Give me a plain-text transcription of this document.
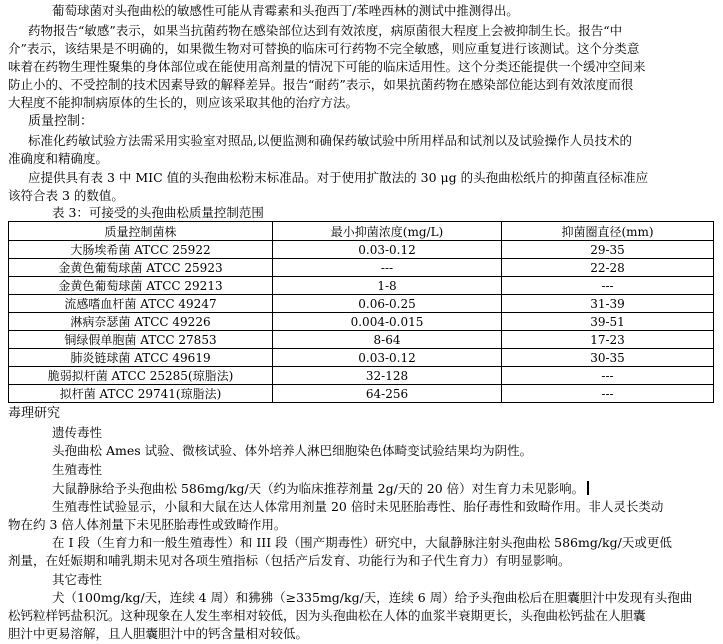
葡萄球菌对头孢曲松的敏感性可能从青霉素和头孢西丁/苯唑西林的测试中推测得出。
药物报告“敏感”表示，如果当抗菌药物在感染部位达到有效浓度，病原菌很大程度上会被抑制生长。报告“中
介”表示，该结果是不明确的，如果微生物对可替换的临床可行药物不完全敏感，则应重复进行该测试。这个分类意
味着在药物生理性聚集的身体部位或在能使用高剂量的情况下可能的临床适用性。这个分类还能提供一个缓冲空间来
防止小的、不受控制的技术因素导致的解释差异。报告“耐药”表示，如果抗菌药物在感染部位能达到有效浓度而很
大程度不能抑制病原体的生长的，则应该采取其他的治疗方法。
质量控制：
标准化药敏试验方法需采用实验室对照品,以便监测和确保药敏试验中所用样品和试剂以及试验操作人员技术的
准确度和精确度。
应提供具有表 3 中 MIC 值的头孢曲松粉末标准品。对于使用扩散法的 30 μg 的头孢曲松纸片的抑菌直径标准应
该符合表 3 的数值。
表 3：可接受的头孢曲松质量控制范围
质量控制菌株	最小抑菌浓度(mg/L)	抑菌圈直径(mm)
大肠埃希菌 ATCC 25922	0.03-0.12	29-35
金黄色葡萄球菌 ATCC 25923	---	22-28
金黄色葡萄球菌 ATCC 29213	1-8	---
流感嗜血杆菌 ATCC 49247	0.06-0.25	31-39
淋病奈瑟菌 ATCC 49226	0.004-0.015	39-51
铜绿假单胞菌 ATCC 27853	8-64	17-23
肺炎链球菌 ATCC 49619	0.03-0.12	30-35
脆弱拟杆菌 ATCC 25285(琼脂法)	32-128	---
拟杆菌 ATCC 29741(琼脂法)	64-256	---
毒理研究
遗传毒性
头孢曲松 Ames 试验、微核试验、体外培养人淋巴细胞染色体畸变试验结果均为阴性。
生殖毒性
大鼠静脉给予头孢曲松 586mg/kg/天（约为临床推荐剂量 2g/天的 20 倍）对生育力未见影响。
生殖毒性试验显示，小鼠和大鼠在达人体常用剂量 20 倍时未见胚胎毒性、胎仔毒性和致畸作用。非人灵长类动
物在约 3 倍人体剂量下未见胚胎毒性或致畸作用。
在 I 段（生育力和一般生殖毒性）和 III 段（围产期毒性）研究中，大鼠静脉注射头孢曲松 586mg/kg/天或更低
剂量，在妊娠期和哺乳期未见对各项生殖指标（包括产后发育、功能行为和子代生育力）有明显影响。
其它毒性
犬（100mg/kg/天，连续 4 周）和狒狒（≥335mg/kg/天，连续 6 周）给予头孢曲松后在胆囊胆汁中发现有头孢曲
松钙粒样钙盐积沉。这种现象在人发生率相对较低，因为头孢曲松在人体的血浆半衰期更长，头孢曲松钙盐在人胆囊
胆汁中更易溶解，且人胆囊胆汁中的钙含量相对较低。
